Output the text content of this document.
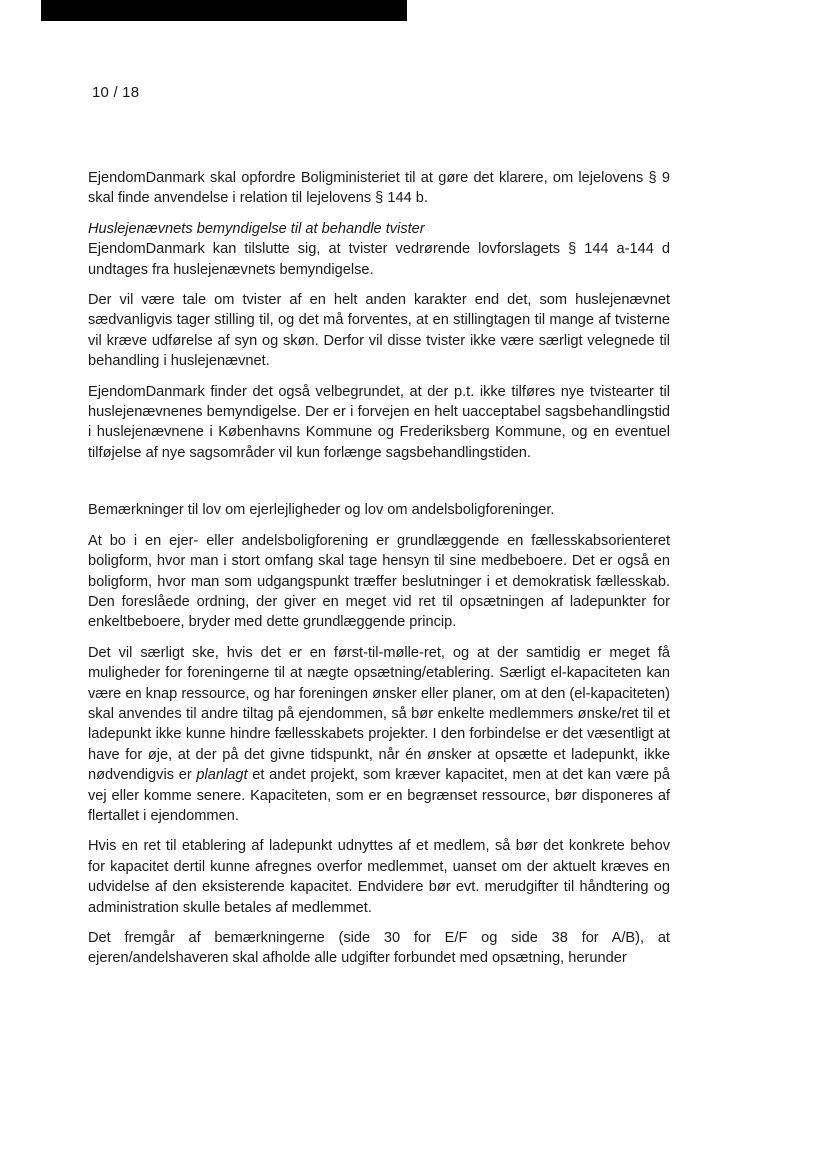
10 / 18

EjendomDanmark skal opfordre Boligministeriet til at gøre det klarere, om lejelovens § 9 skal finde anvendelse i relation til lejelovens § 144 b.

Huslejenævnets bemyndigelse til at behandle tvister
EjendomDanmark kan tilslutte sig, at tvister vedrørende lovforslagets § 144 a-144 d undtages fra huslejenævnets bemyndigelse.

Der vil være tale om tvister af en helt anden karakter end det, som huslejenævnet sædvanligvis tager stilling til, og det må forventes, at en stillingtagen til mange af tvisterne vil kræve udførelse af syn og skøn. Derfor vil disse tvister ikke være særligt velegnede til behandling i huslejenævnet.

EjendomDanmark finder det også velbegrundet, at der p.t. ikke tilføres nye tvistearter til huslejenævnenes bemyndigelse. Der er i forvejen en helt uacceptabel sagsbehandlingstid i huslejenævnene i Københavns Kommune og Frederiksberg Kommune, og en eventuel tilføjelse af nye sagsområder vil kun forlænge sagsbehandlingstiden.

Bemærkninger til lov om ejerlejligheder og lov om andelsboligforeninger.

At bo i en ejer- eller andelsboligforening er grundlæggende en fællesskabsorienteret boligform, hvor man i stort omfang skal tage hensyn til sine medbeboere. Det er også en boligform, hvor man som udgangspunkt træffer beslutninger i et demokratisk fællesskab. Den foreslåede ordning, der giver en meget vid ret til opsætningen af ladepunkter for enkeltbeboere, bryder med dette grundlæggende princip.

Det vil særligt ske, hvis det er en først-til-mølle-ret, og at der samtidig er meget få muligheder for foreningerne til at nægte opsætning/etablering. Særligt el-kapaciteten kan være en knap ressource, og har foreningen ønsker eller planer, om at den (el-kapaciteten) skal anvendes til andre tiltag på ejendommen, så bør enkelte medlemmers ønske/ret til et ladepunkt ikke kunne hindre fællesskabets projekter. I den forbindelse er det væsentligt at have for øje, at der på det givne tidspunkt, når én ønsker at opsætte et ladepunkt, ikke nødvendigvis er planlagt et andet projekt, som kræver kapacitet, men at det kan være på vej eller komme senere. Kapaciteten, som er en begrænset ressource, bør disponeres af flertallet i ejendommen.

Hvis en ret til etablering af ladepunkt udnyttes af et medlem, så bør det konkrete behov for kapacitet dertil kunne afregnes overfor medlemmet, uanset om der aktuelt kræves en udvidelse af den eksisterende kapacitet. Endvidere bør evt. merudgifter til håndtering og administration skulle betales af medlemmet.

Det fremgår af bemærkningerne (side 30 for E/F og side 38 for A/B), at ejeren/andelshaveren skal afholde alle udgifter forbundet med opsætning, herunder
